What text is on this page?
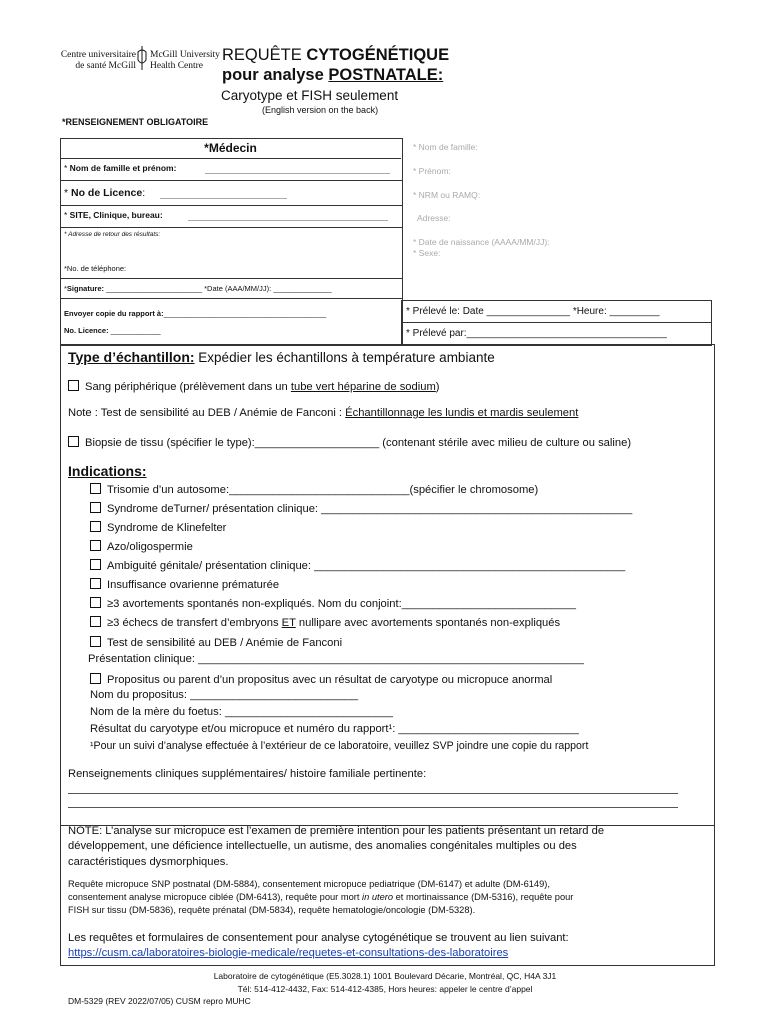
Centre universitaire
de santé McGill
McGill University
Health Centre
REQUÊTE CYTOGÉNÉTIQUE
pour analyse POSTNATALE:
Caryotype et FISH seulement
(English version on the back)
*RENSEIGNEMENT OBLIGATOIRE
*Médecin
* Nom de famille et prénom:
* No de Licence:
* SITE, Clinique, bureau:
* Adresse de retour des résultats:
*No. de téléphone:
*Signature: _______________________ *Date (AAA/MM/JJ): ______________
Envoyer copie du rapport à:_______________________________________
No. Licence: ____________
* Nom de famille:
* Prénom:
* NRM ou RAMQ:
Adresse:
* Date de naissance (AAAA/MM/JJ):
* Sexe:
* Prélevé le: Date _______________ *Heure: _________
* Prélevé par:____________________________________
Type d’échantillon: Expédier les échantillons à température ambiante
Sang périphérique (prélèvement dans un tube vert héparine de sodium)
Note : Test de sensibilité au DEB / Anémie de Fanconi : Échantillonnage les lundis et mardis seulement
Biopsie de tissu (spécifier le type):____________________ (contenant stérile avec milieu de culture ou saline)
Indications:
Trisomie d’un autosome:_____________________________(spécifier le chromosome)
Syndrome deTurner/ présentation clinique: __________________________________________________
Syndrome de Klinefelter
Azo/oligospermie
Ambiguité génitale/ présentation clinique: __________________________________________________
Insuffisance ovarienne prématurée
≥3 avortements spontanés non-expliqués. Nom du conjoint:____________________________
≥3 échecs de transfert d’embryons ET nullipare avec avortements spontanés non-expliqués
Test de sensibilité au DEB / Anémie de Fanconi
Présentation clinique: ______________________________________________________________
Propositus ou parent d’un propositus avec un résultat de caryotype ou micropuce anormal
Nom du propositus: ___________________________
Nom de la mère du foetus: ___________________________
Résultat du caryotype et/ou micropuce et numéro du rapport¹: _____________________________
¹Pour un suivi d’analyse effectuée à l’extérieur de ce laboratoire, veuillez SVP joindre une copie du rapport
Renseignements cliniques supplémentaires/ histoire familiale pertinente:
NOTE: L’analyse sur micropuce est l’examen de première intention pour les patients présentant un retard de
développement, une déficience intellectuelle, un autisme, des anomalies congénitales multiples ou des
caractéristiques dysmorphiques.
Requête micropuce SNP postnatal (DM-5884), consentement micropuce pediatrique (DM-6147) et adulte (DM-6149),
consentement analyse micropuce ciblée (DM-6413), requête pour mort in utero et mortinaissance (DM-5316), requête pour
FISH sur tissu (DM-5836), requête prénatal (DM-5834), requête hematologie/oncologie (DM-5328).
Les requêtes et formulaires de consentement pour analyse cytogénétique se trouvent au lien suivant:
https://cusm.ca/laboratoires-biologie-medicale/requetes-et-consultations-des-laboratoires
Laboratoire de cytogénétique (E5.3028.1) 1001 Boulevard Décarie, Montréal, QC, H4A 3J1
Tél: 514-412-4432, Fax: 514-412-4385, Hors heures: appeler le centre d’appel
DM-5329 (REV 2022/07/05) CUSM repro MUHC
